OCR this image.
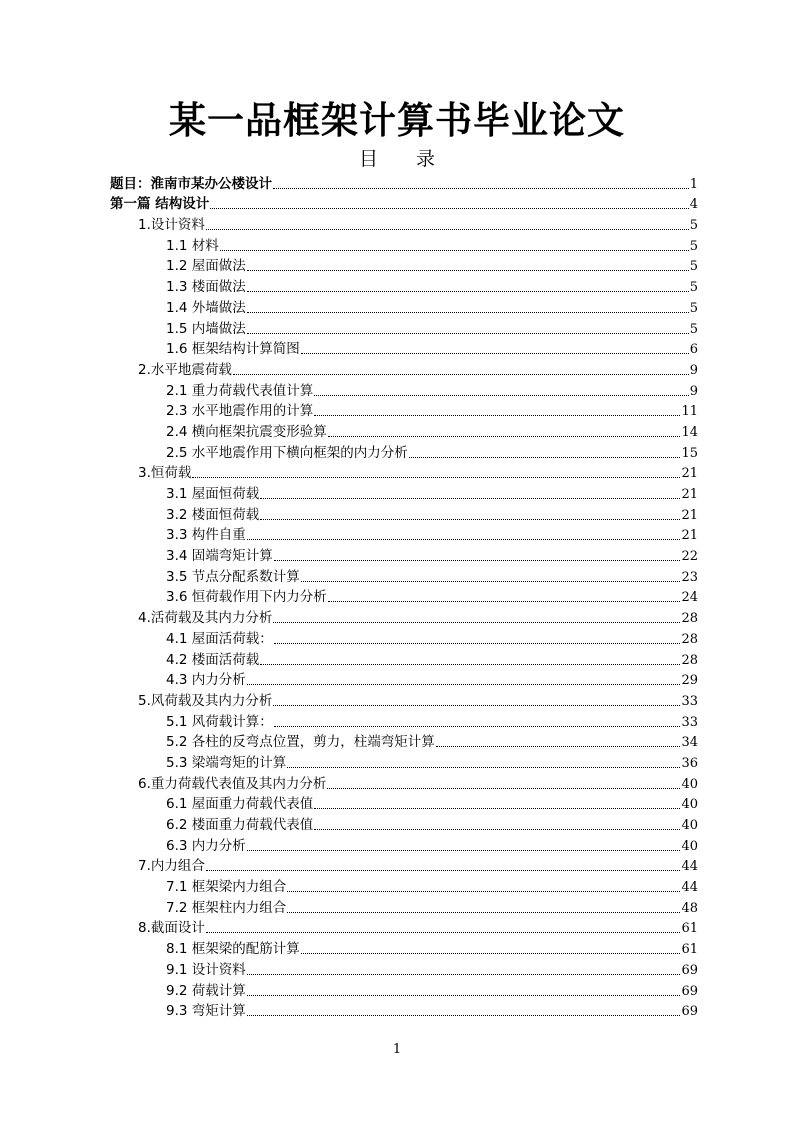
某一品框架计算书毕业论文
目 录
题目：淮南市某办公楼设计	1
第一篇 结构设计	4
1.设计资料	5
1.1 材料	5
1.2 屋面做法	5
1.3 楼面做法	5
1.4 外墙做法	5
1.5 内墙做法	5
1.6 框架结构计算简图	6
2.水平地震荷载	9
2.1 重力荷载代表值计算	9
2.3 水平地震作用的计算	11
2.4 横向框架抗震变形验算	14
2.5 水平地震作用下横向框架的内力分析	15
3.恒荷载	21
3.1 屋面恒荷载	21
3.2 楼面恒荷载	21
3.3 构件自重	21
3.4 固端弯矩计算	22
3.5 节点分配系数计算	23
3.6 恒荷载作用下内力分析	24
4.活荷载及其内力分析	28
4.1 屋面活荷载：	28
4.2 楼面活荷载	28
4.3 内力分析	29
5.风荷载及其内力分析	33
5.1 风荷载计算：	33
5.2 各柱的反弯点位置，剪力，柱端弯矩计算	34
5.3 梁端弯矩的计算	36
6.重力荷载代表值及其内力分析	40
6.1 屋面重力荷载代表值	40
6.2 楼面重力荷载代表值	40
6.3 内力分析	40
7.内力组合	44
7.1 框架梁内力组合	44
7.2 框架柱内力组合	48
8.截面设计	61
8.1 框架梁的配筋计算	61
9.1 设计资料	69
9.2 荷载计算	69
9.3 弯矩计算	69
1
